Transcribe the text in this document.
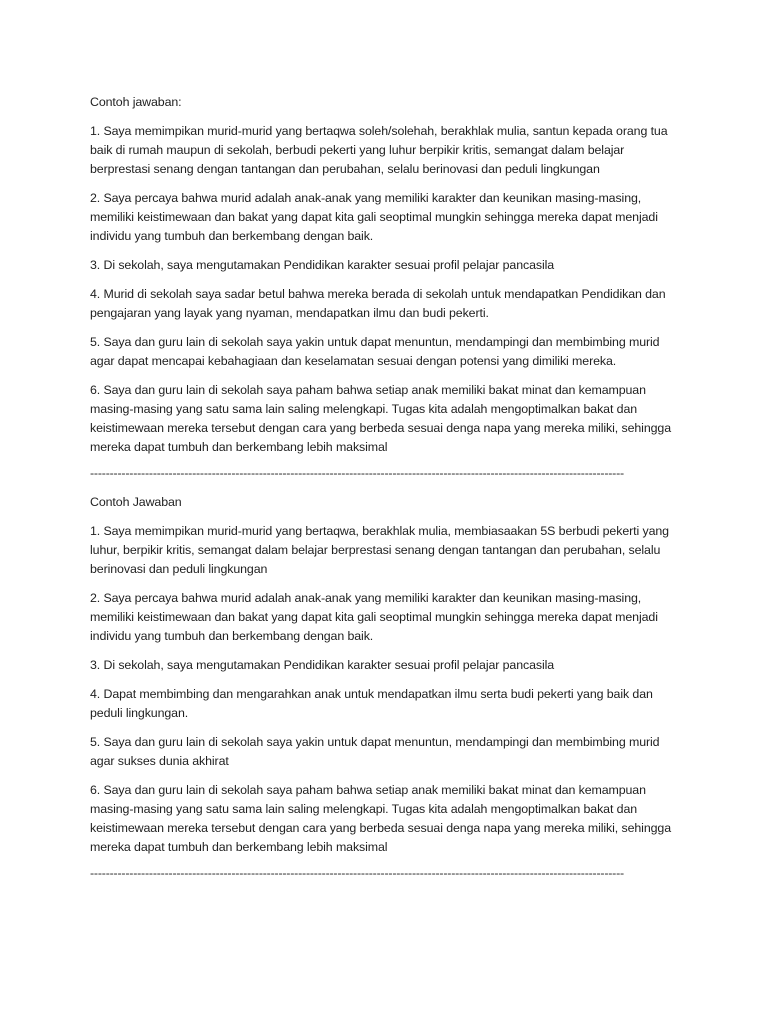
Contoh jawaban:

1. Saya memimpikan murid-murid yang bertaqwa soleh/solehah, berakhlak mulia, santun kepada orang tua baik di rumah maupun di sekolah, berbudi pekerti yang luhur berpikir kritis, semangat dalam belajar berprestasi senang dengan tantangan dan perubahan, selalu berinovasi dan peduli lingkungan

2. Saya percaya bahwa murid adalah anak-anak yang memiliki karakter dan keunikan masing-masing, memiliki keistimewaan dan bakat yang dapat kita gali seoptimal mungkin sehingga mereka dapat menjadi individu yang tumbuh dan berkembang dengan baik.

3. Di sekolah, saya mengutamakan Pendidikan karakter sesuai profil pelajar pancasila

4. Murid di sekolah saya sadar betul bahwa mereka berada di sekolah untuk mendapatkan Pendidikan dan pengajaran yang layak yang nyaman, mendapatkan ilmu dan budi pekerti.

5. Saya dan guru lain di sekolah saya yakin untuk dapat menuntun, mendampingi dan membimbing murid agar dapat mencapai kebahagiaan dan keselamatan sesuai dengan potensi yang dimiliki mereka.

6. Saya dan guru lain di sekolah saya paham bahwa setiap anak memiliki bakat minat dan kemampuan masing-masing yang satu sama lain saling melengkapi. Tugas kita adalah mengoptimalkan bakat dan keistimewaan mereka tersebut dengan cara yang berbeda sesuai denga napa yang mereka miliki, sehingga mereka dapat tumbuh dan berkembang lebih maksimal

----------------------------------------------------------------------------------------------------------------------------------------

Contoh Jawaban

1. Saya memimpikan murid-murid yang bertaqwa, berakhlak mulia, membiasaakan 5S berbudi pekerti yang luhur, berpikir kritis, semangat dalam belajar berprestasi senang dengan tantangan dan perubahan, selalu berinovasi dan peduli lingkungan

2. Saya percaya bahwa murid adalah anak-anak yang memiliki karakter dan keunikan masing-masing, memiliki keistimewaan dan bakat yang dapat kita gali seoptimal mungkin sehingga mereka dapat menjadi individu yang tumbuh dan berkembang dengan baik.

3. Di sekolah, saya mengutamakan Pendidikan karakter sesuai profil pelajar pancasila

4. Dapat membimbing dan mengarahkan anak untuk mendapatkan ilmu serta budi pekerti yang baik dan peduli lingkungan.

5. Saya dan guru lain di sekolah saya yakin untuk dapat menuntun, mendampingi dan membimbing murid agar sukses dunia akhirat

6. Saya dan guru lain di sekolah saya paham bahwa setiap anak memiliki bakat minat dan kemampuan masing-masing yang satu sama lain saling melengkapi. Tugas kita adalah mengoptimalkan bakat dan keistimewaan mereka tersebut dengan cara yang berbeda sesuai denga napa yang mereka miliki, sehingga mereka dapat tumbuh dan berkembang lebih maksimal

----------------------------------------------------------------------------------------------------------------------------------------
